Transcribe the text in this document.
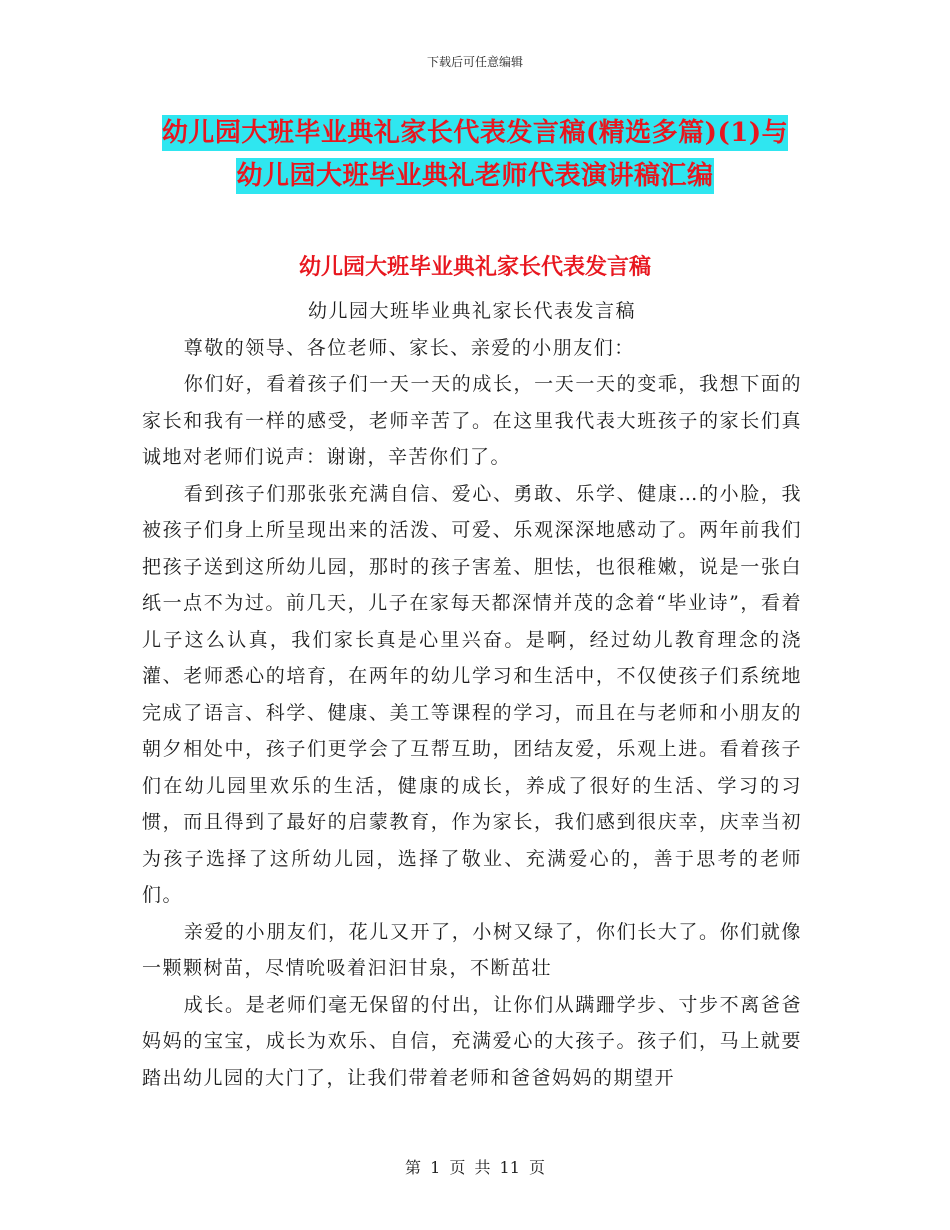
下载后可任意编辑
幼儿园大班毕业典礼家长代表发言稿(精选多篇)(1)与
幼儿园大班毕业典礼老师代表演讲稿汇编
幼儿园大班毕业典礼家长代表发言稿

幼儿园大班毕业典礼家长代表发言稿

尊敬的领导、各位老师、家长、亲爱的小朋友们：

你们好，看着孩子们一天一天的成长，一天一天的变乖，我想下面的家长和我有一样的感受，老师辛苦了。在这里我代表大班孩子的家长们真诚地对老师们说声：谢谢，辛苦你们了。

看到孩子们那张张充满自信、爱心、勇敢、乐学、健康…的小脸，我被孩子们身上所呈现出来的活泼、可爱、乐观深深地感动了。两年前我们把孩子送到这所幼儿园，那时的孩子害羞、胆怯，也很稚嫩，说是一张白纸一点不为过。前几天，儿子在家每天都深情并茂的念着“毕业诗”，看着儿子这么认真，我们家长真是心里兴奋。是啊，经过幼儿教育理念的浇灌、老师悉心的培育，在两年的幼儿学习和生活中，不仅使孩子们系统地完成了语言、科学、健康、美工等课程的学习，而且在与老师和小朋友的朝夕相处中，孩子们更学会了互帮互助，团结友爱，乐观上进。看着孩子们在幼儿园里欢乐的生活，健康的成长，养成了很好的生活、学习的习惯，而且得到了最好的启蒙教育，作为家长，我们感到很庆幸，庆幸当初为孩子选择了这所幼儿园，选择了敬业、充满爱心的，善于思考的老师们。

亲爱的小朋友们，花儿又开了，小树又绿了，你们长大了。你们就像一颗颗树苗，尽情吮吸着汩汩甘泉，不断茁壮

成长。是老师们毫无保留的付出，让你们从蹒跚学步、寸步不离爸爸妈妈的宝宝，成长为欢乐、自信，充满爱心的大孩子。孩子们，马上就要踏出幼儿园的大门了，让我们带着老师和爸爸妈妈的期望开

第 1 页 共 11 页
